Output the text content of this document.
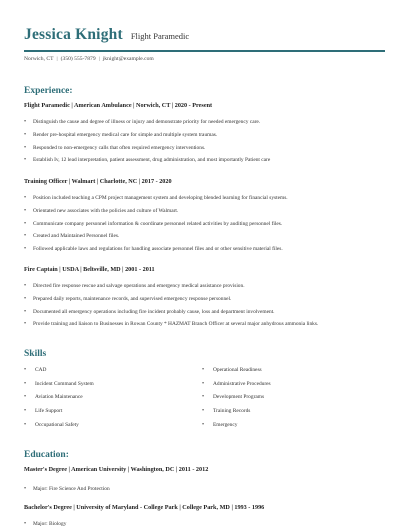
Jessica Knight Flight Paramedic
Norwich, CT | (350) 555-7879 | jknight@example.com
Experience:
Flight Paramedic | American Ambulance | Norwich, CT | 2020 - Present
• Distinguish the cause and degree of illness or injury and demonstrate priority for needed emergency care.
• Render pre-hospital emergency medical care for simple and multiple system traumas.
• Responded to non-emergency calls that often required emergency interventions.
• Establish Iv, 12 lead interpretation, patient assessment, drug administration, and most importantly Patient care
Training Officer | Walmart | Charlotte, NC | 2017 - 2020
• Position included teaching a CPM project management system and developing blended learning for financial systems.
• Orientated new associates with the policies and culture of Walmart.
• Communicate company personnel information & coordinate personnel related activities by auditing personnel files.
• Created and Maintained Personnel files.
• Followed applicable laws and regulations for handling associate personnel files and or other sensitive material files.
Fire Captain | USDA | Beltsville, MD | 2001 - 2011
• Directed fire response rescue and salvage operations and emergency medical assistance provision.
• Prepared daily reports, maintenance records, and supervised emergency response personnel.
• Documented all emergency operations including fire incident probably cause, loss and department involvement.
• Provide training and liaison to Businesses in Rowan County * HAZMAT Branch Officer at several major anhydrous ammonia links.
Skills
• CAD
• Incident Command System
• Aviation Maintenance
• Life Support
• Occupational Safety
• Operational Readiness
• Administrative Procedures
• Development Programs
• Training Records
• Emergency
Education:
Master's Degree | American University | Washington, DC | 2011 - 2012
• Major: Fire Science And Protection
Bachelor's Degree | University of Maryland - College Park | College Park, MD | 1993 - 1996
• Major: Biology
